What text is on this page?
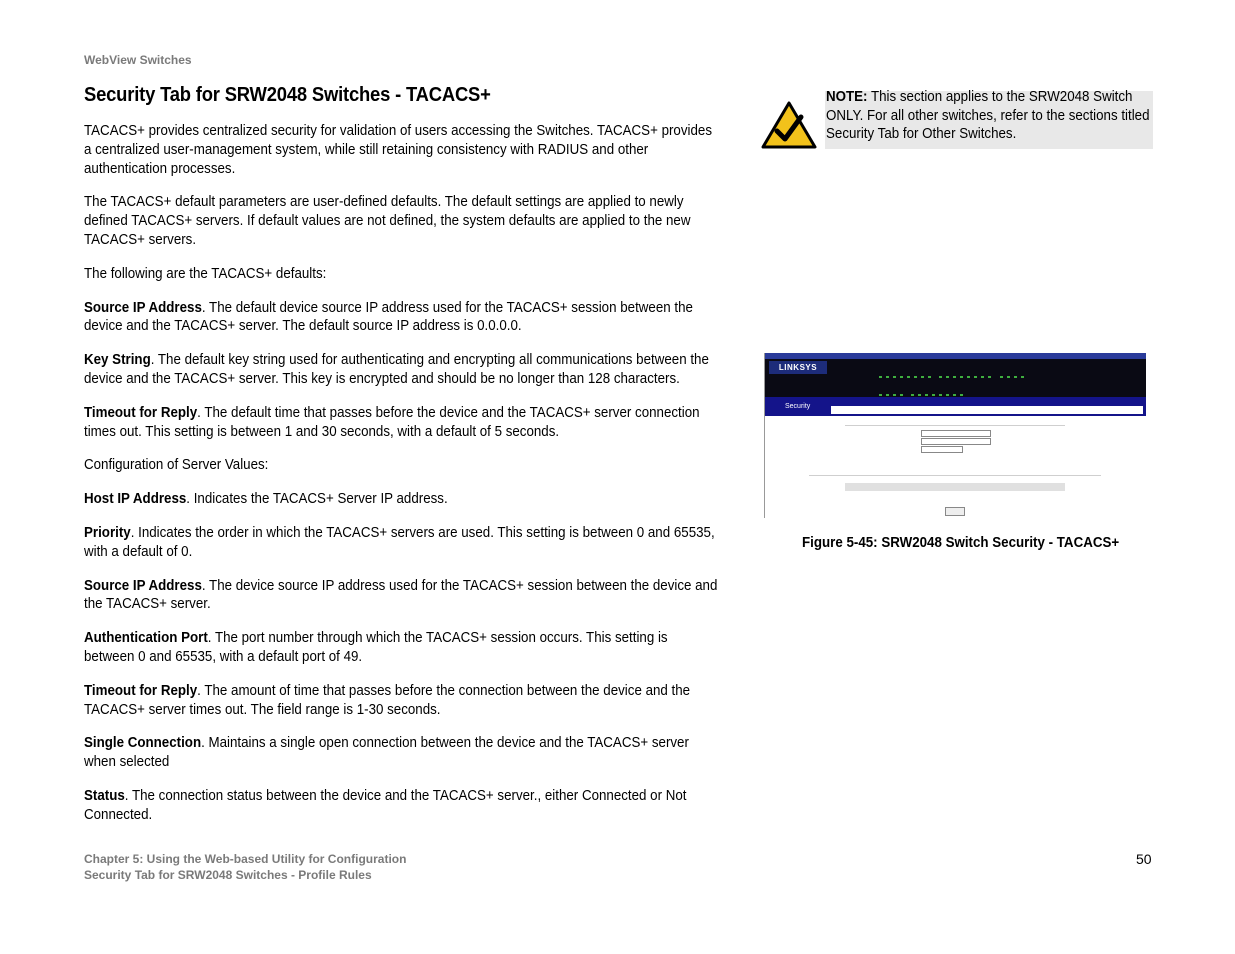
WebView Switches
Security Tab for SRW2048 Switches - TACACS+

TACACS+ provides centralized security for validation of users accessing the Switches. TACACS+ provides a centralized user-management system, while still retaining consistency with RADIUS and other authentication processes.

The TACACS+ default parameters are user-defined defaults. The default settings are applied to newly defined TACACS+ servers. If default values are not defined, the system defaults are applied to the new TACACS+ servers.

The following are the TACACS+ defaults:

Source IP Address. The default device source IP address used for the TACACS+ session between the device and the TACACS+ server. The default source IP address is 0.0.0.0.

Key String. The default key string used for authenticating and encrypting all communications between the device and the TACACS+ server. This key is encrypted and should be no longer than 128 characters.

Timeout for Reply. The default time that passes before the device and the TACACS+ server connection times out. This setting is between 1 and 30 seconds, with a default of 5 seconds.

Configuration of Server Values:

Host IP Address. Indicates the TACACS+ Server IP address.

Priority. Indicates the order in which the TACACS+ servers are used. This setting is between 0 and 65535, with a default of 0.

Source IP Address. The device source IP address used for the TACACS+ session between the device and the TACACS+ server.

Authentication Port. The port number through which the TACACS+ session occurs. This setting is between 0 and 65535, with a default port of 49.

Timeout for Reply. The amount of time that passes before the connection between the device and the TACACS+ server times out. The field range is 1-30 seconds.

Single Connection. Maintains a single open connection between the device and the TACACS+ server when selected

Status. The connection status between the device and the TACACS+ server., either Connected or Not Connected.

NOTE: This section applies to the SRW2048 Switch ONLY. For all other switches, refer to the sections titled Security Tab for Other Switches.
LINKSYS

Security
Figure 5-45: SRW2048 Switch Security - TACACS+
Chapter 5: Using the Web-based Utility for Configuration
Security Tab for SRW2048 Switches - Profile Rules
50
